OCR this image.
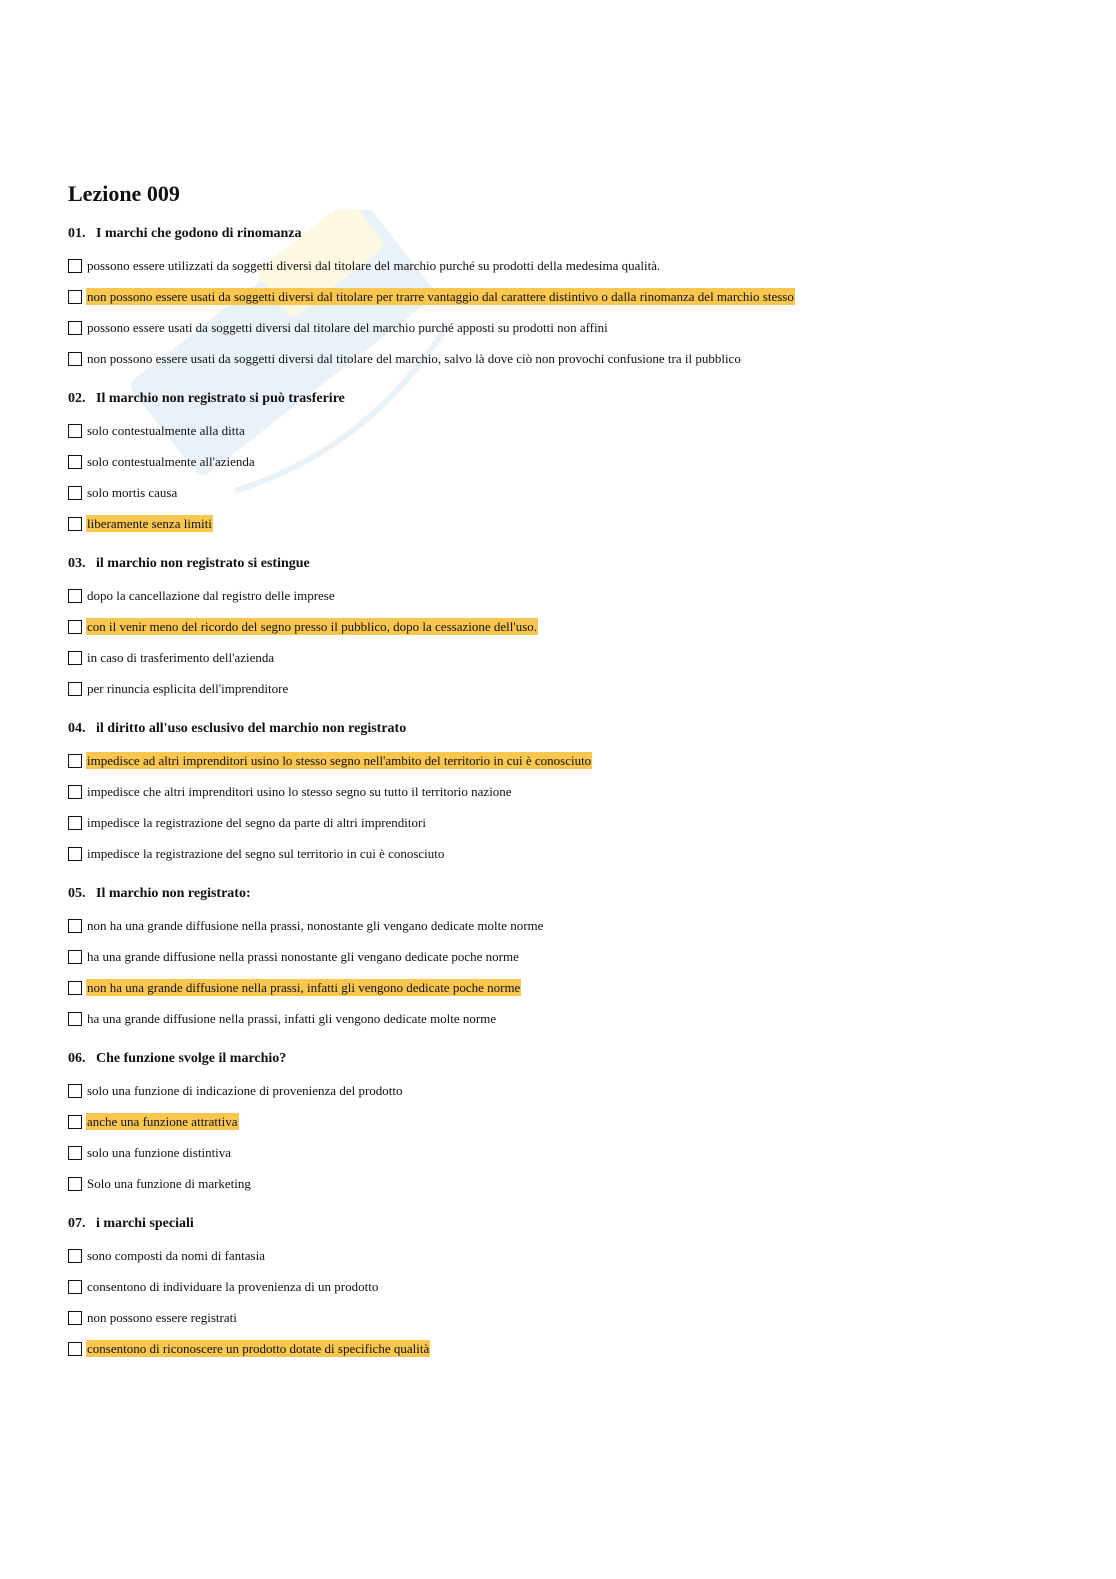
Lezione 009
01. I marchi che godono di rinomanza
possono essere utilizzati da soggetti diversi dal titolare del marchio purché su prodotti della medesima qualità.
non possono essere usati da soggetti diversi dal titolare per trarre vantaggio dal carattere distintivo o dalla rinomanza del marchio stesso
possono essere usati da soggetti diversi dal titolare del marchio purché apposti su prodotti non affini
non possono essere usati da soggetti diversi dal titolare del marchio, salvo là dove ciò non provochi confusione tra il pubblico
02. Il marchio non registrato si può trasferire
solo contestualmente alla ditta
solo contestualmente all'azienda
solo mortis causa
liberamente senza limiti
03. il marchio non registrato si estingue
dopo la cancellazione dal registro delle imprese
con il venir meno del ricordo del segno presso il pubblico, dopo la cessazione dell'uso.
in caso di trasferimento dell'azienda
per rinuncia esplicita dell'imprenditore
04. il diritto all'uso esclusivo del marchio non registrato
impedisce ad altri imprenditori usino lo stesso segno nell'ambito del territorio in cui è conosciuto
impedisce che altri imprenditori usino lo stesso segno su tutto il territorio nazione
impedisce la registrazione del segno da parte di altri imprenditori
impedisce la registrazione del segno sul territorio in cui è conosciuto
05. Il marchio non registrato:
non ha una grande diffusione nella prassi, nonostante gli vengano dedicate molte norme
ha una grande diffusione nella prassi nonostante gli vengano dedicate poche norme
non ha una grande diffusione nella prassi, infatti gli vengono dedicate poche norme
ha una grande diffusione nella prassi, infatti gli vengono dedicate molte norme
06. Che funzione svolge il marchio?
solo una funzione di indicazione di provenienza del prodotto
anche una funzione attrattiva
solo una funzione distintiva
Solo una funzione di marketing
07. i marchi speciali
sono composti da nomi di fantasia
consentono di individuare la provenienza di un prodotto
non possono essere registrati
consentono di riconoscere un prodotto dotate di specifiche qualità
